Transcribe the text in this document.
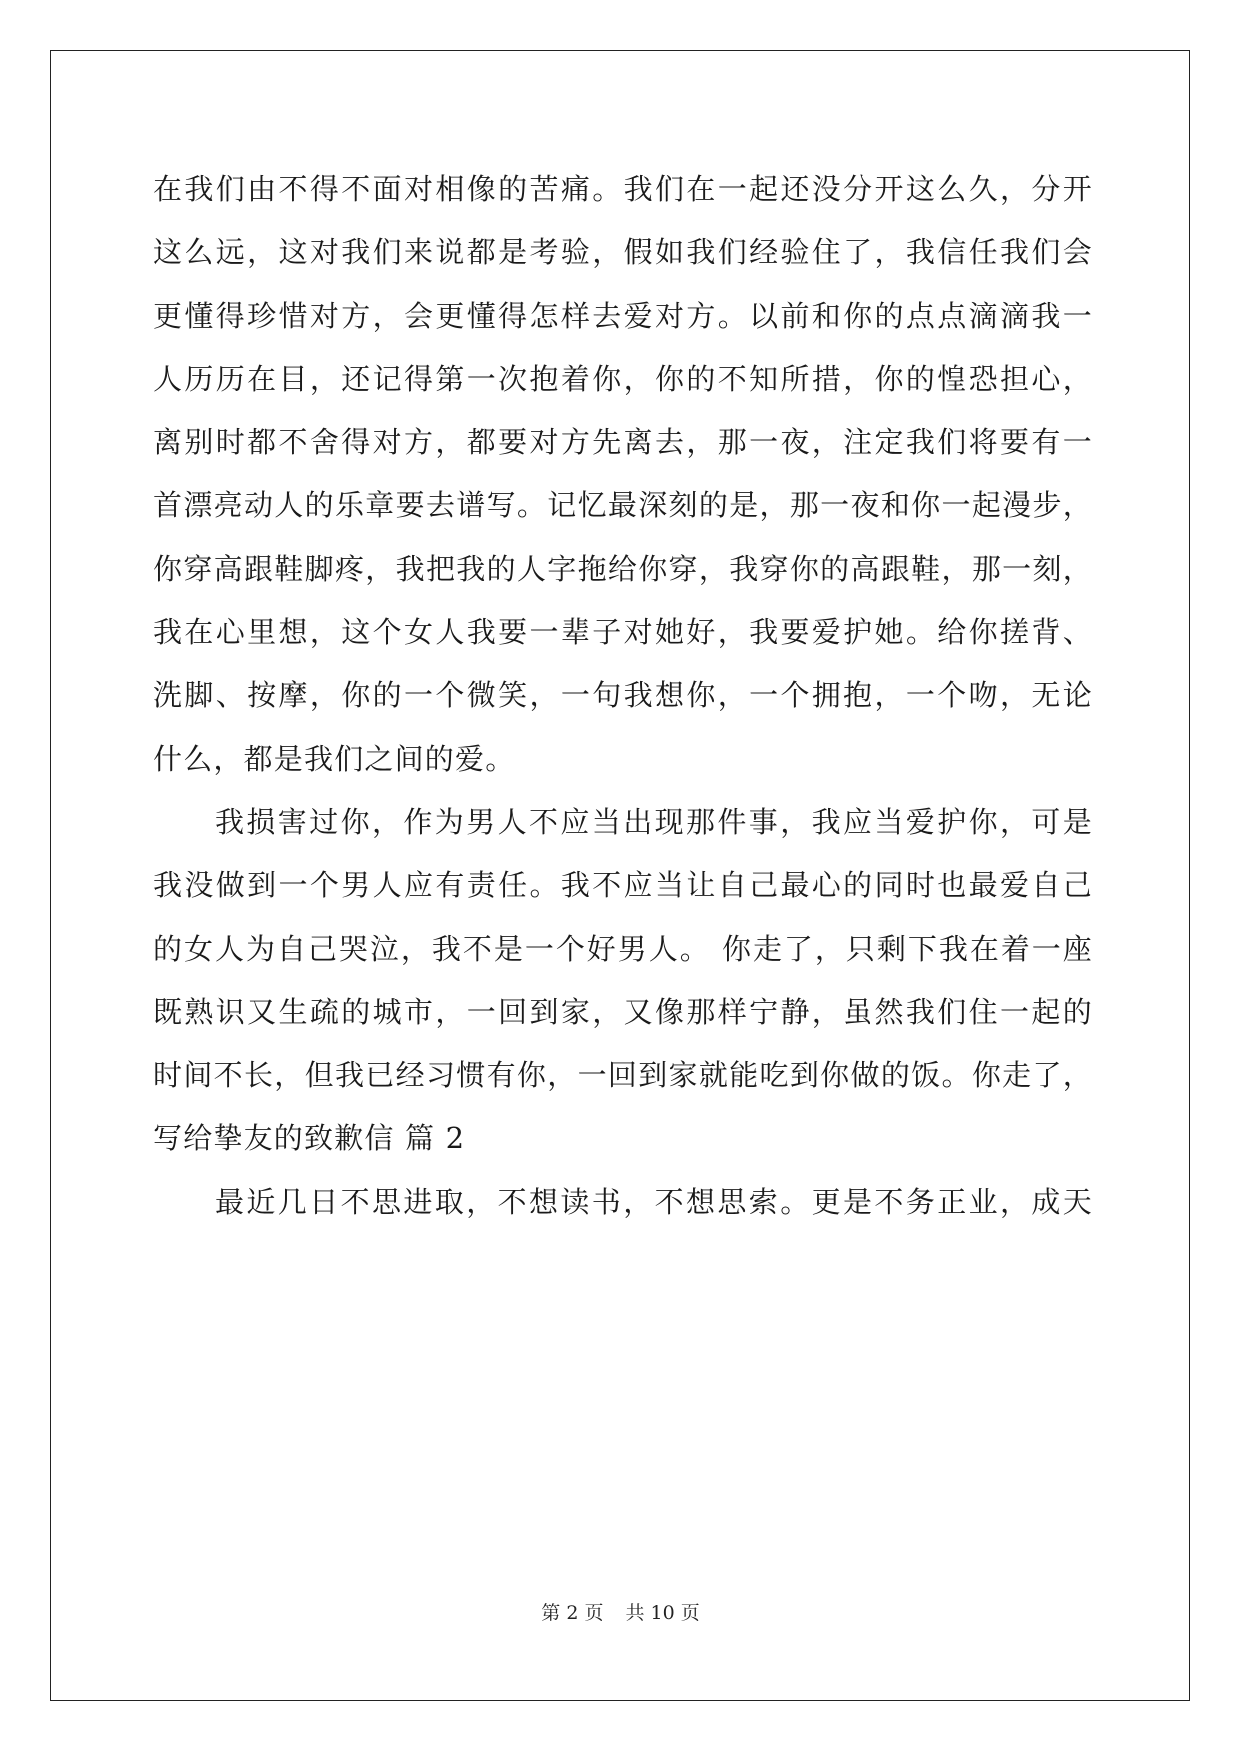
在我们由不得不面对相像的苦痛。我们在一起还没分开这么久，分开
这么远，这对我们来说都是考验，假如我们经验住了，我信任我们会
更懂得珍惜对方，会更懂得怎样去爱对方。以前和你的点点滴滴我一
人历历在目，还记得第一次抱着你，你的不知所措，你的惶恐担心，
离别时都不舍得对方，都要对方先离去，那一夜，注定我们将要有一
首漂亮动人的乐章要去谱写。记忆最深刻的是，那一夜和你一起漫步，
你穿高跟鞋脚疼，我把我的人字拖给你穿，我穿你的高跟鞋，那一刻，
我在心里想，这个女人我要一辈子对她好，我要爱护她。给你搓背、
洗脚、按摩，你的一个微笑，一句我想你，一个拥抱，一个吻，无论
什么，都是我们之间的爱。
我损害过你，作为男人不应当出现那件事，我应当爱护你，可是
我没做到一个男人应有责任。我不应当让自己最心的同时也最爱自己
的女人为自己哭泣，我不是一个好男人。 你走了，只剩下我在着一座
既熟识又生疏的城市，一回到家，又像那样宁静，虽然我们住一起的
时间不长，但我已经习惯有你，一回到家就能吃到你做的饭。你走了，
写给挚友的致歉信 篇 2
最近几日不思进取，不想读书，不想思索。更是不务正业，成天
第 2 页 共 10 页
